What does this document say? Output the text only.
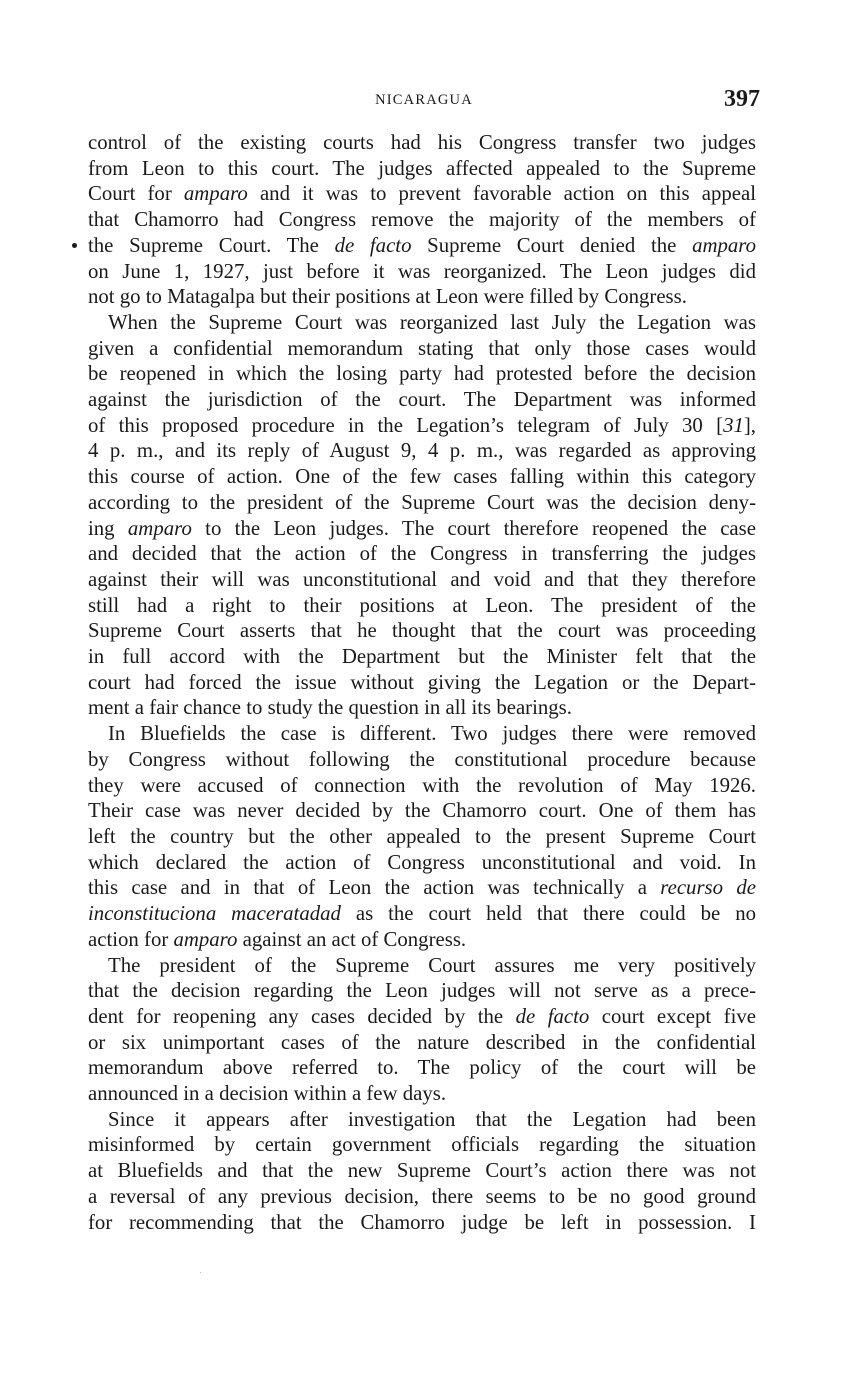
NICARAGUA	397
control of the existing courts had his Congress transfer two judges
from Leon to this court. The judges affected appealed to the Supreme
Court for amparo and it was to prevent favorable action on this appeal
that Chamorro had Congress remove the majority of the members of
the Supreme Court. The de facto Supreme Court denied the amparo
on June 1, 1927, just before it was reorganized. The Leon judges did
not go to Matagalpa but their positions at Leon were filled by Congress.
When the Supreme Court was reorganized last July the Legation was
given a confidential memorandum stating that only those cases would
be reopened in which the losing party had protested before the decision
against the jurisdiction of the court. The Department was informed
of this proposed procedure in the Legation’s telegram of July 30 [31],
4 p. m., and its reply of August 9, 4 p. m., was regarded as approving
this course of action. One of the few cases falling within this category
according to the president of the Supreme Court was the decision deny-
ing amparo to the Leon judges. The court therefore reopened the case
and decided that the action of the Congress in transferring the judges
against their will was unconstitutional and void and that they therefore
still had a right to their positions at Leon. The president of the
Supreme Court asserts that he thought that the court was proceeding
in full accord with the Department but the Minister felt that the
court had forced the issue without giving the Legation or the Depart-
ment a fair chance to study the question in all its bearings.
In Bluefields the case is different. Two judges there were removed
by Congress without following the constitutional procedure because
they were accused of connection with the revolution of May 1926.
Their case was never decided by the Chamorro court. One of them has
left the country but the other appealed to the present Supreme Court
which declared the action of Congress unconstitutional and void. In
this case and in that of Leon the action was technically a recurso de
inconstituciona maceratadad as the court held that there could be no
action for amparo against an act of Congress.
The president of the Supreme Court assures me very positively
that the decision regarding the Leon judges will not serve as a prece-
dent for reopening any cases decided by the de facto court except five
or six unimportant cases of the nature described in the confidential
memorandum above referred to. The policy of the court will be
announced in a decision within a few days.
Since it appears after investigation that the Legation had been
misinformed by certain government officials regarding the situation
at Bluefields and that the new Supreme Court’s action there was not
a reversal of any previous decision, there seems to be no good ground
for recommending that the Chamorro judge be left in possession. I
